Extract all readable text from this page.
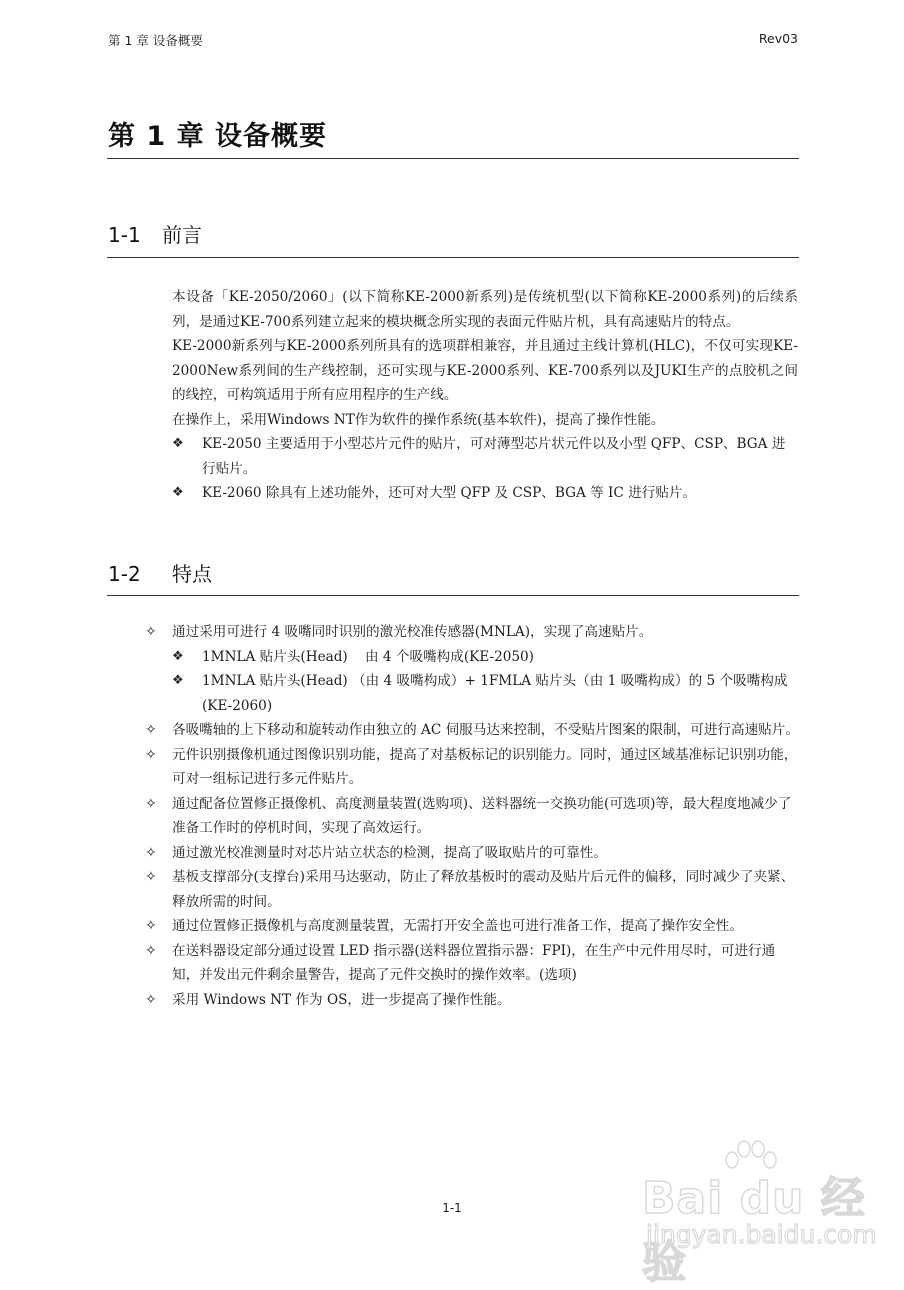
第 1 章 设备概要	Rev03
第 1 章 设备概要
1-1 前言

本设备「KE-2050/2060」(以下简称KE-2000新系列)是传统机型(以下简称KE-2000系列)的后续系列，是通过KE-700系列建立起来的模块概念所实现的表面元件贴片机，具有高速贴片的特点。

KE-2000新系列与KE-2000系列所具有的选项群相兼容，并且通过主线计算机(HLC)，不仅可实现KE-2000New系列间的生产线控制，还可实现与KE-2000系列、KE-700系列以及JUKI生产的点胶机之间的线控，可构筑适用于所有应用程序的生产线。

在操作上，采用Windows NT作为软件的操作系统(基本软件)，提高了操作性能。

❖	KE-2050 主要适用于小型芯片元件的贴片，可对薄型芯片状元件以及小型 QFP、CSP、BGA 进行贴片。
❖	KE-2060 除具有上述功能外，还可对大型 QFP 及 CSP、BGA 等 IC 进行贴片。
1-2 特点
✧	通过采用可进行 4 吸嘴同时识别的激光校准传感器(MNLA)，实现了高速贴片。
❖	1MNLA 贴片头(Head)    由 4 个吸嘴构成(KE-2050)
❖	1MNLA 贴片头(Head) （由 4 吸嘴构成）+ 1FMLA 贴片头（由 1 吸嘴构成）的 5 个吸嘴构成(KE-2060)
✧	各吸嘴轴的上下移动和旋转动作由独立的 AC 伺服马达来控制，不受贴片图案的限制，可进行高速贴片。
✧	元件识别摄像机通过图像识别功能，提高了对基板标记的识别能力。同时，通过区域基准标记识别功能，可对一组标记进行多元件贴片。
✧	通过配备位置修正摄像机、高度测量装置(选购项)、送料器统一交换功能(可选项)等，最大程度地减少了准备工作时的停机时间，实现了高效运行。
✧	通过激光校准测量时对芯片站立状态的检测，提高了吸取贴片的可靠性。
✧	基板支撑部分(支撑台)采用马达驱动，防止了释放基板时的震动及贴片后元件的偏移，同时减少了夹紧、释放所需的时间。
✧	通过位置修正摄像机与高度测量装置，无需打开安全盖也可进行准备工作，提高了操作安全性。
✧	在送料器设定部分通过设置 LED 指示器(送料器位置指示器：FPI)，在生产中元件用尽时，可进行通知，并发出元件剩余量警告，提高了元件交换时的操作效率。(选项)
✧	采用 Windows NT 作为 OS，进一步提高了操作性能。
1-1	Bai du 经验
jingyan.baidu.com
